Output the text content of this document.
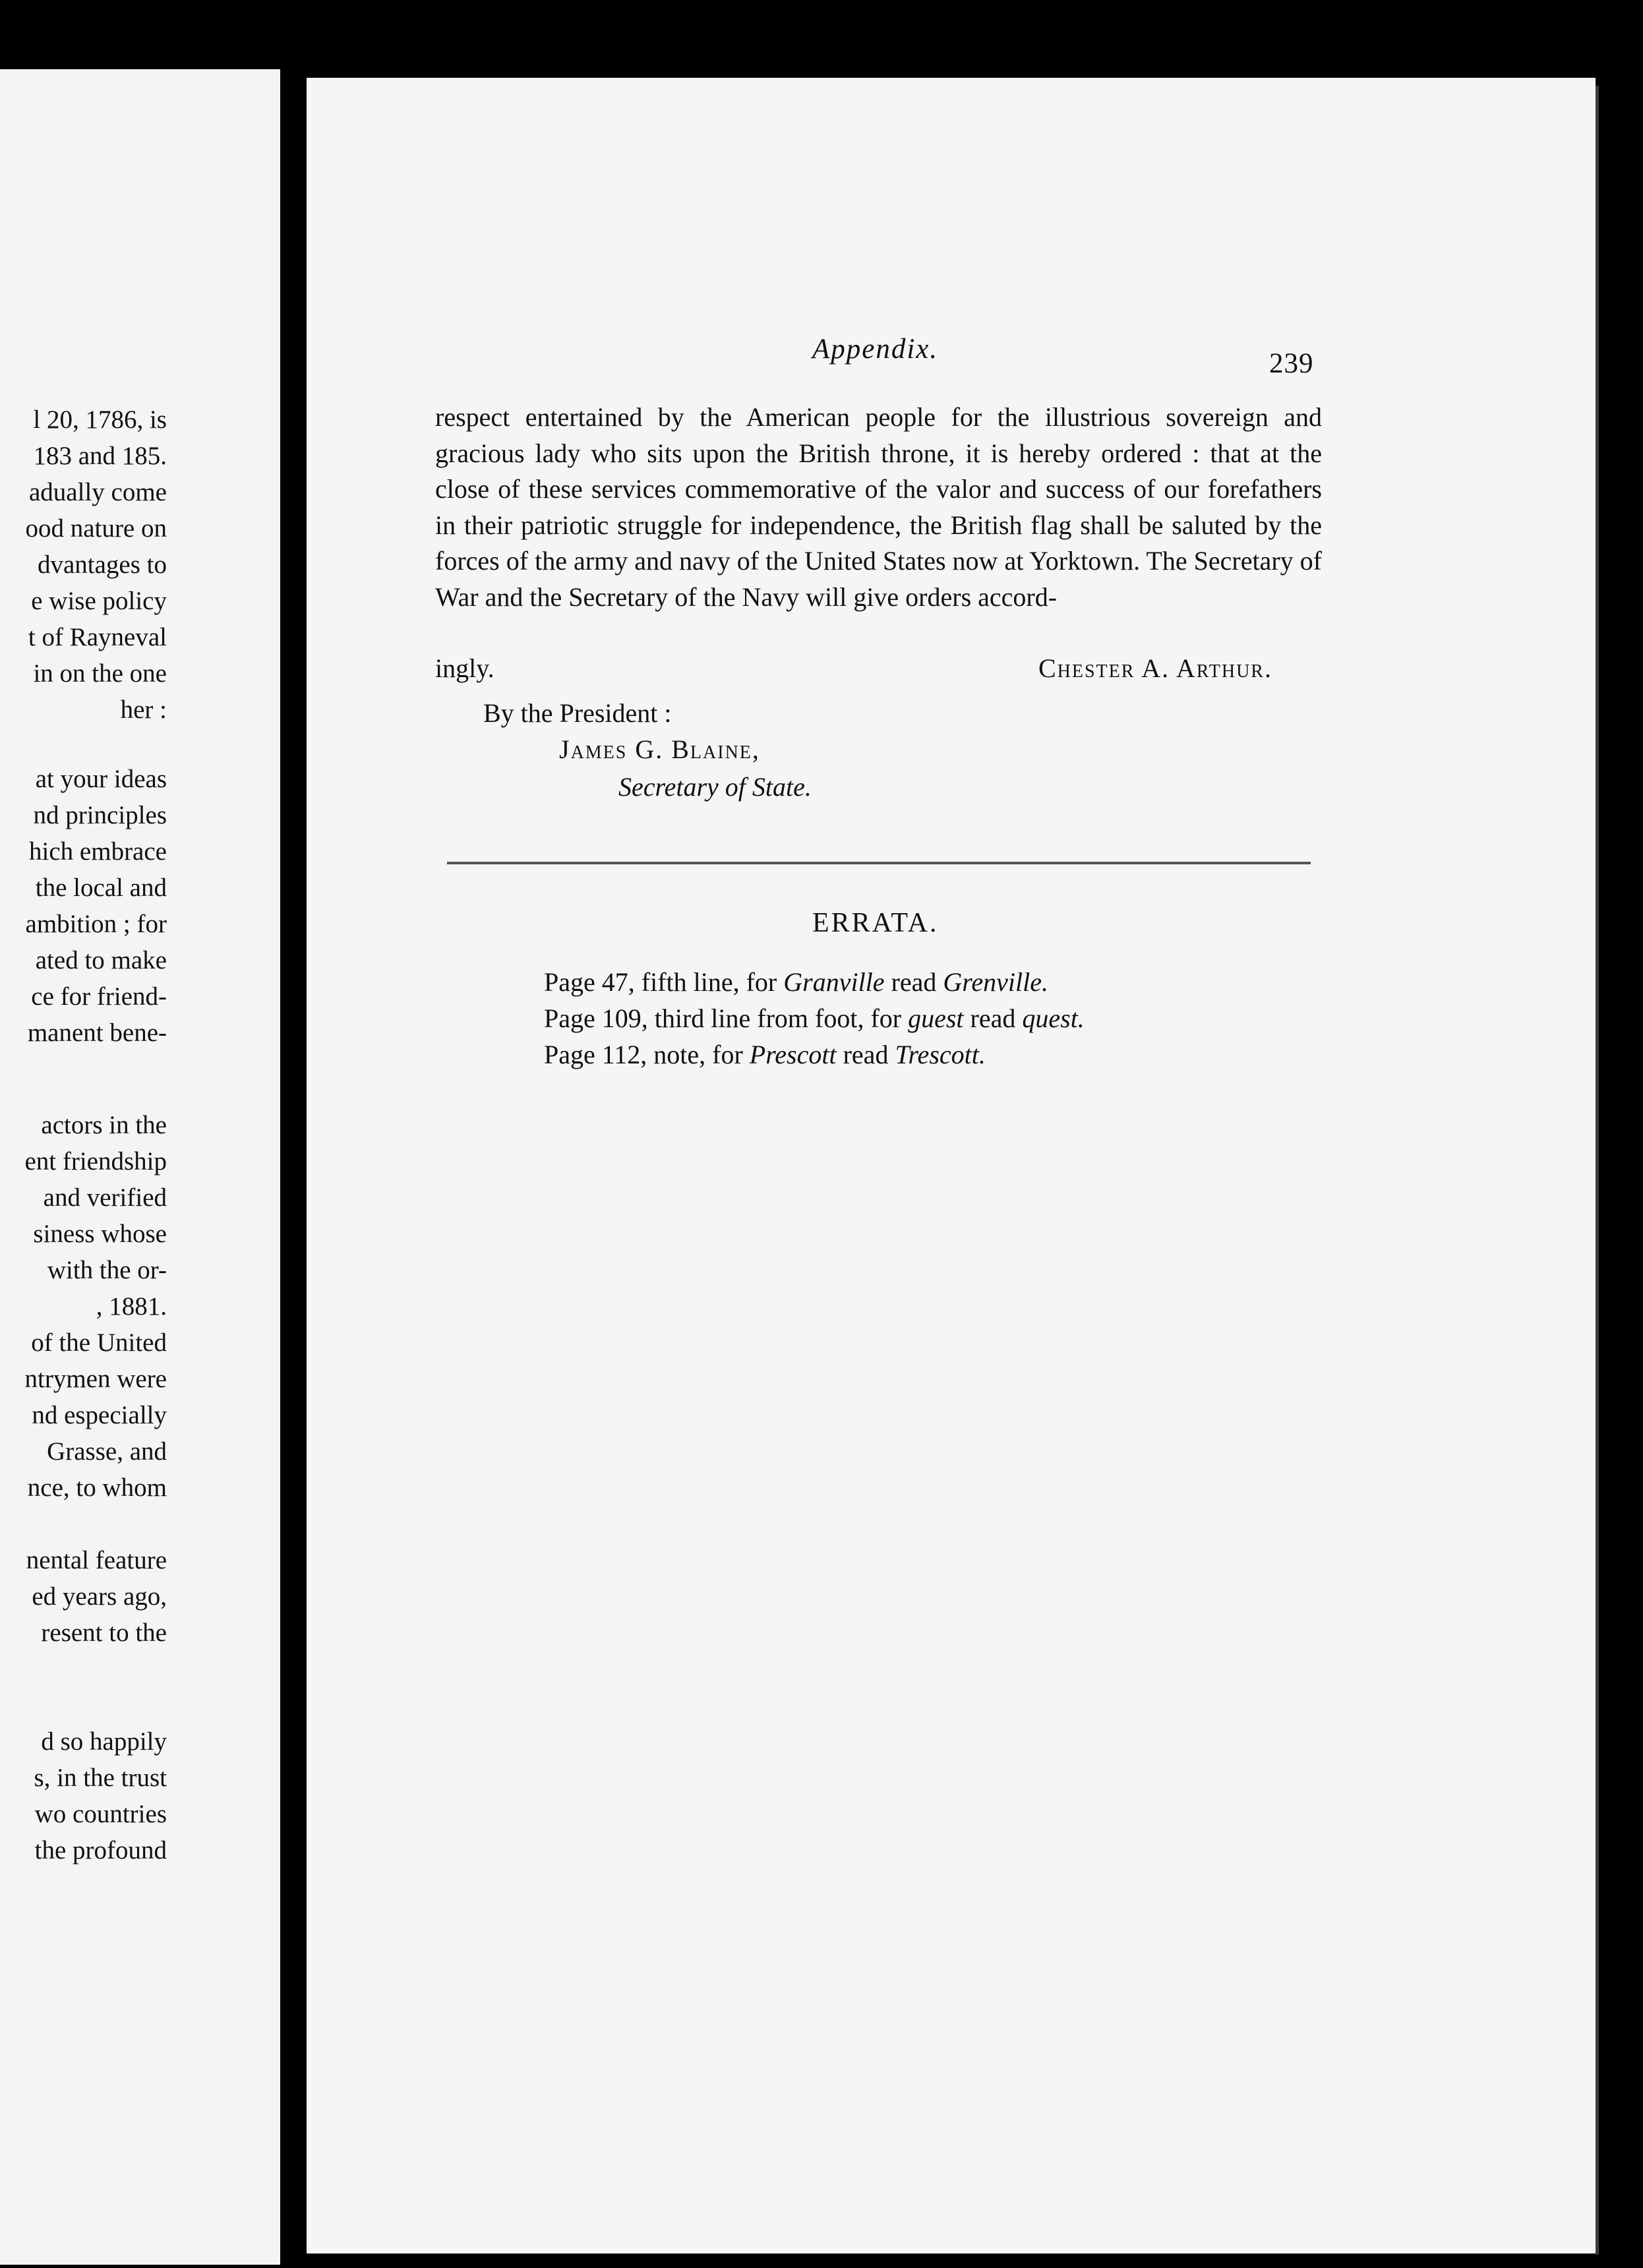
l 20, 1786, is
183 and 185.
adually come
ood nature on
dvantages to
e wise policy
t of Rayneval
in on the one
her :
at your ideas
nd principles
hich embrace
the local and
ambition ; for
ated to make
ce for friend-
manent bene-
actors in the
ent friendship
and verified
siness whose
with the or-
, 1881.
of the United
ntrymen were
nd especially
Grasse, and
nce, to whom
nental feature
ed years ago,
resent to the
d so happily
s, in the trust
wo countries
the profound
Appendix.	239

respect entertained by the American people for the illustrious sovereign and gracious lady who sits upon the British throne, it is hereby ordered : that at the close of these services commemorative of the valor and success of our forefathers in their patriotic struggle for independence, the British flag shall be saluted by the forces of the army and navy of the United States now at Yorktown. The Secretary of War and the Secretary of the Navy will give orders accord-

ingly.	Chester A. Arthur.
By the President :
James G. Blaine,
Secretary of State.
ERRATA.
Page 47, fifth line, for Granville read Grenville.
Page 109, third line from foot, for guest read quest.
Page 112, note, for Prescott read Trescott.
